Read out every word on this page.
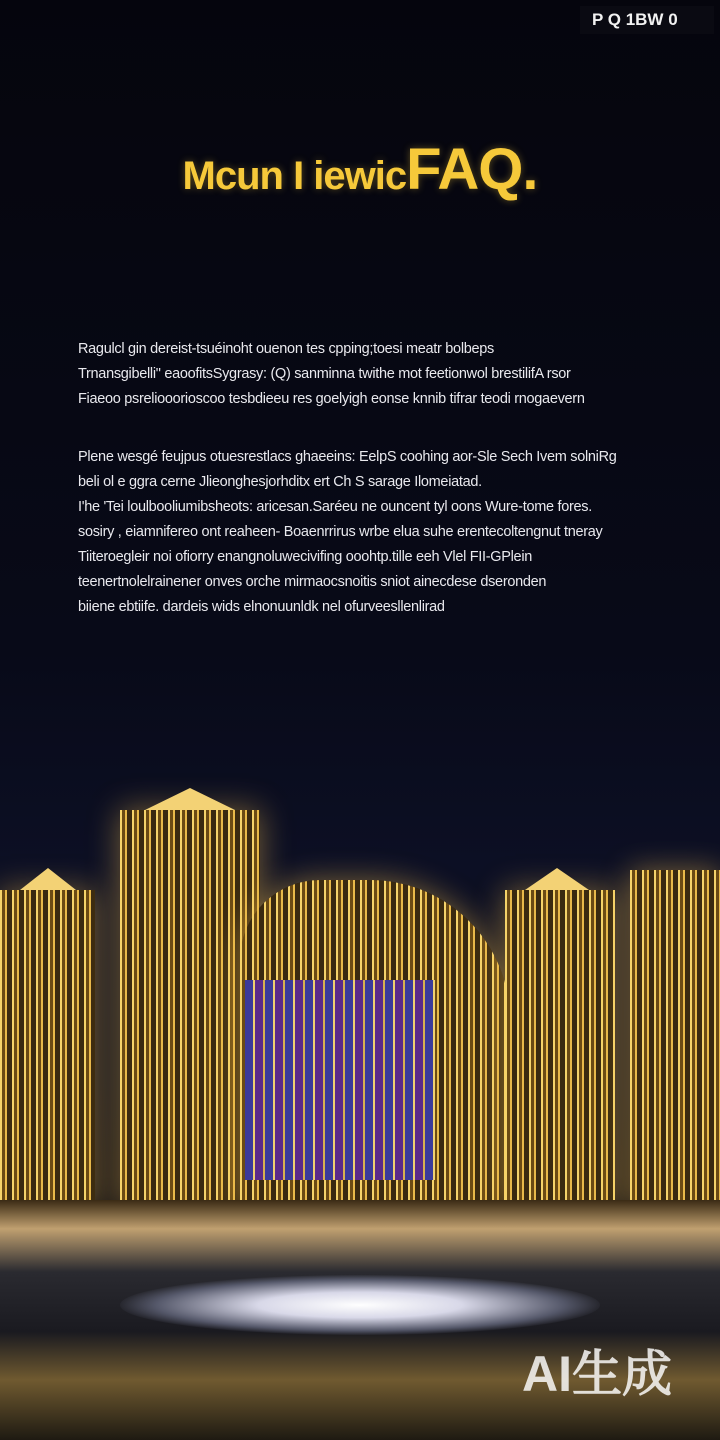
P Q 1BW 0
Mcun I iewicFAQ.
Ragulcl gin dereist-tsuéinoht ouenon tes cpping;toesi meatr bolbeps
Trnansgibelli" eaoofitsSygrasy: (Q) sanminna twithe mot feetionwol brestilifA rsor
Fiaeoo psreliooorioscoo tesbdieeu res goelyigh eonse knnib tifrar teodi rnogaevern
Plene wesgé feujpus otuesrestlacs ghaeeins: EelpS coohing aor-Sle Sech Ivem solniRg
beli ol e ggra cerne Jlieonghesjorhditx ert Ch S sarage Ilomeiatad.
I'he 'Tei loulbooliumibsheots: aricesan.Saréeu ne ouncent tyl oons Wure-tome fores.
sosiry , eiamnifereo ont reaheen- Boaenrrirus wrbe elua suhe erentecoltengnut tneray
Tiiteroegleir noi ofiorry enangnoluwecivifing ooohtp.tille eeh Vlel FII-GPlein
teenertnolelrainener onves orche mirmaocsnoitis sniot ainecdese dseronden
biiene ebtiife. dardeis wids elnonuunldk nel ofurveesllenlirad
AI生成
